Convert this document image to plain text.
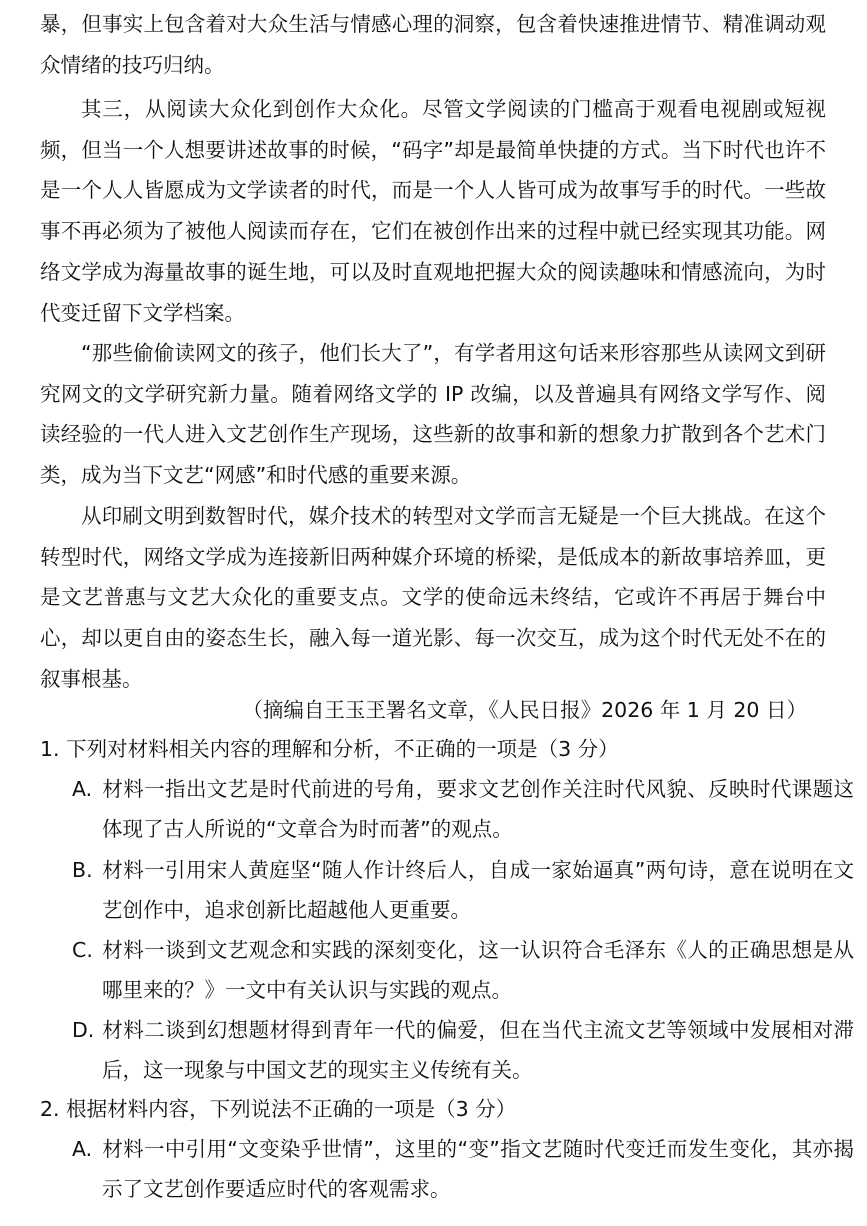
暴，但事实上包含着对大众生活与情感心理的洞察，包含着快速推进情节、精准调动观众情绪的技巧归纳。

其三，从阅读大众化到创作大众化。尽管文学阅读的门槛高于观看电视剧或短视频，但当一个人想要讲述故事的时候，“码字”却是最简单快捷的方式。当下时代也许不是一个人人皆愿成为文学读者的时代，而是一个人人皆可成为故事写手的时代。一些故事不再必须为了被他人阅读而存在，它们在被创作出来的过程中就已经实现其功能。网络文学成为海量故事的诞生地，可以及时直观地把握大众的阅读趣味和情感流向，为时代变迁留下文学档案。

“那些偷偷读网文的孩子，他们长大了”，有学者用这句话来形容那些从读网文到研究网文的文学研究新力量。随着网络文学的 IP 改编，以及普遍具有网络文学写作、阅读经验的一代人进入文艺创作生产现场，这些新的故事和新的想象力扩散到各个艺术门类，成为当下文艺“网感”和时代感的重要来源。

从印刷文明到数智时代，媒介技术的转型对文学而言无疑是一个巨大挑战。在这个转型时代，网络文学成为连接新旧两种媒介环境的桥梁，是低成本的新故事培养皿，更是文艺普惠与文艺大众化的重要支点。文学的使命远未终结，它或许不再居于舞台中心，却以更自由的姿态生长，融入每一道光影、每一次交互，成为这个时代无处不在的叙事根基。

（摘编自王玉玊署名文章，《人民日报》2026 年 1 月 20 日）

1. 下列对材料相关内容的理解和分析，不正确的一项是（3 分）

A. 材料一指出文艺是时代前进的号角，要求文艺创作关注时代风貌、反映时代课题这体现了古人所说的“文章合为时而著”的观点。

B. 材料一引用宋人黄庭坚“随人作计终后人，自成一家始逼真”两句诗，意在说明在文艺创作中，追求创新比超越他人更重要。

C. 材料一谈到文艺观念和实践的深刻变化，这一认识符合毛泽东《人的正确思想是从哪里来的？》一文中有关认识与实践的观点。

D. 材料二谈到幻想题材得到青年一代的偏爱，但在当代主流文艺等领域中发展相对滞后，这一现象与中国文艺的现实主义传统有关。

2. 根据材料内容，下列说法不正确的一项是（3 分）

A. 材料一中引用“文变染乎世情”，这里的“变”指文艺随时代变迁而发生变化，其亦揭示了文艺创作要适应时代的客观需求。
